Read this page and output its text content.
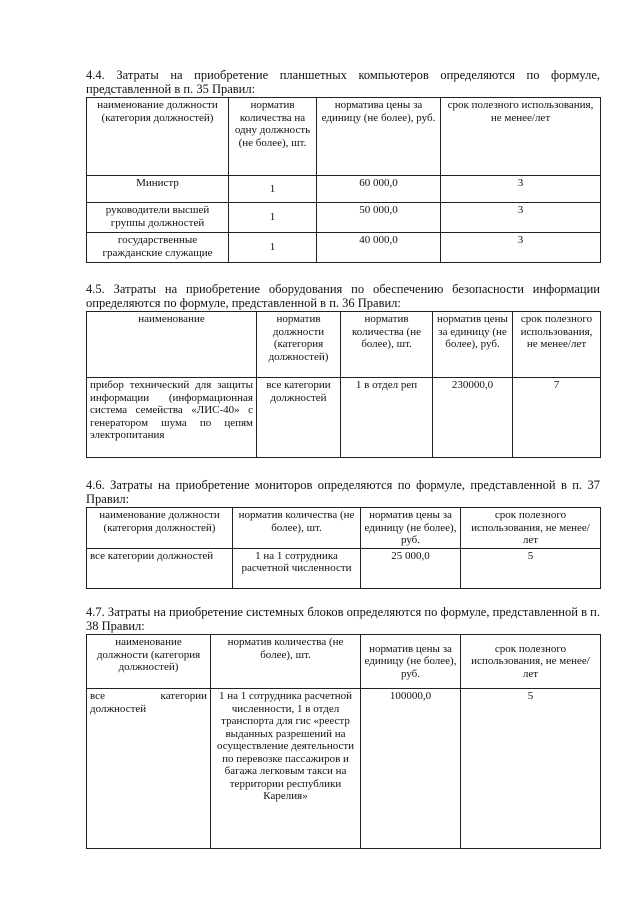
4.4. Затраты на приобретение планшетных компьютеров определяются по формуле, представленной в п. 35 Правил:

наименование должности (категория должностей)	норматив количества на одну должность (не более), шт.	норматива цены за единицу (не более), руб.	срок полезного использования, не менее/лет
Министр	1	60 000,0	3
руководители высшей группы должностей	1	50 000,0	3
государственные гражданские служащие	1	40 000,0	3

4.5. Затраты на приобретение оборудования по обеспечению безопасности информации определяются по формуле, представленной в п. 36 Правил:

наименование	норматив должности (категория должностей)	норматив количества (не более), шт.	норматив цены за единицу (не более), руб.	срок полезного использования, не менее/лет
прибор технический для защиты информации (информационная система семейства «ЛИС-40» с генератором шума по цепям электропитания	все категории должностей	1 в отдел реп	230000,0	7

4.6. Затраты на приобретение мониторов определяются по формуле, представленной в п. 37 Правил:

наименование должности (категория должностей)	норматив количества (не более), шт.	норматив цены за единицу (не более), руб.	срок полезного использования, не менее/лет
все категории должностей	1 на 1 сотрудника расчетной численности	25 000,0	5

4.7. Затраты на приобретение системных блоков определяются по формуле, представленной в п. 38 Правил:

наименование должности (категория должностей)	норматив количества (не более), шт.	норматив цены за единицу (не более), руб.	срок полезного использования, не менее/лет
все категории должностей	1 на 1 сотрудника расчетной численности, 1 в отдел транспорта для гис «реестр выданных разрешений на осуществление деятельности по перевозке пассажиров и багажа легковым такси на территории республики Карелия»	100000,0	5
